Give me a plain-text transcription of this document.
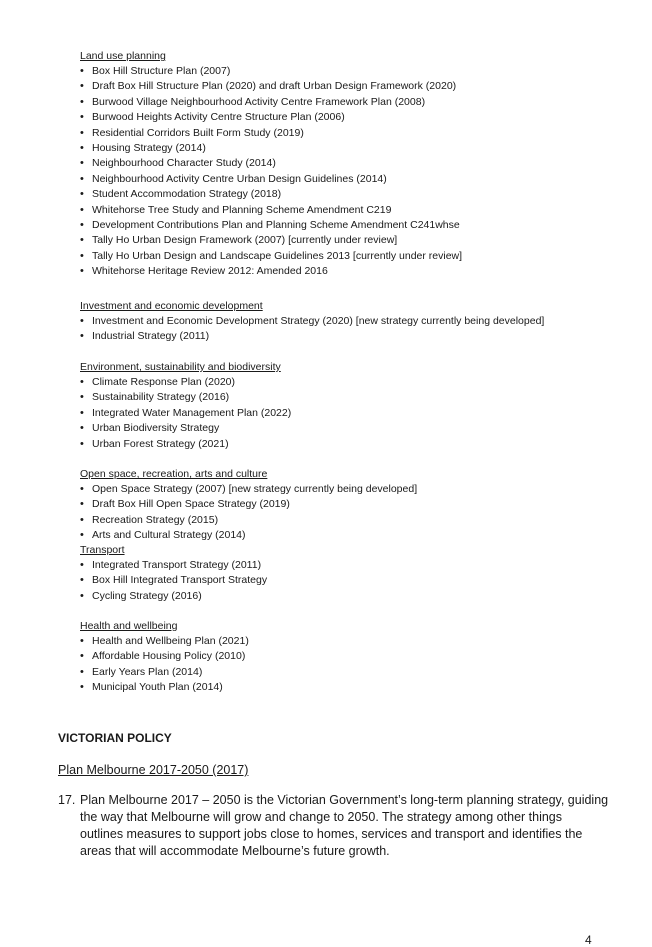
Land use planning
• Box Hill Structure Plan (2007)
• Draft Box Hill Structure Plan (2020) and draft Urban Design Framework (2020)
• Burwood Village Neighbourhood Activity Centre Framework Plan (2008)
• Burwood Heights Activity Centre Structure Plan (2006)
• Residential Corridors Built Form Study (2019)
• Housing Strategy (2014)
• Neighbourhood Character Study (2014)
• Neighbourhood Activity Centre Urban Design Guidelines (2014)
• Student Accommodation Strategy (2018)
• Whitehorse Tree Study and Planning Scheme Amendment C219
• Development Contributions Plan and Planning Scheme Amendment C241whse
• Tally Ho Urban Design Framework (2007) [currently under review]
• Tally Ho Urban Design and Landscape Guidelines 2013 [currently under review]
• Whitehorse Heritage Review 2012: Amended 2016
Investment and economic development
• Investment and Economic Development Strategy (2020) [new strategy currently being developed]
• Industrial Strategy (2011)
Environment, sustainability and biodiversity
• Climate Response Plan (2020)
• Sustainability Strategy (2016)
• Integrated Water Management Plan (2022)
• Urban Biodiversity Strategy
• Urban Forest Strategy (2021)
Open space, recreation, arts and culture
• Open Space Strategy (2007) [new strategy currently being developed]
• Draft Box Hill Open Space Strategy (2019)
• Recreation Strategy (2015)
• Arts and Cultural Strategy (2014)
Transport
• Integrated Transport Strategy (2011)
• Box Hill Integrated Transport Strategy
• Cycling Strategy (2016)
Health and wellbeing
• Health and Wellbeing Plan (2021)
• Affordable Housing Policy (2010)
• Early Years Plan (2014)
• Municipal Youth Plan (2014)
VICTORIAN POLICY
Plan Melbourne 2017-2050 (2017)
17. Plan Melbourne 2017 – 2050 is the Victorian Government’s long-term planning strategy, guiding
the way that Melbourne will grow and change to 2050. The strategy among other things
outlines measures to support jobs close to homes, services and transport and identifies the
areas that will accommodate Melbourne’s future growth.
4
